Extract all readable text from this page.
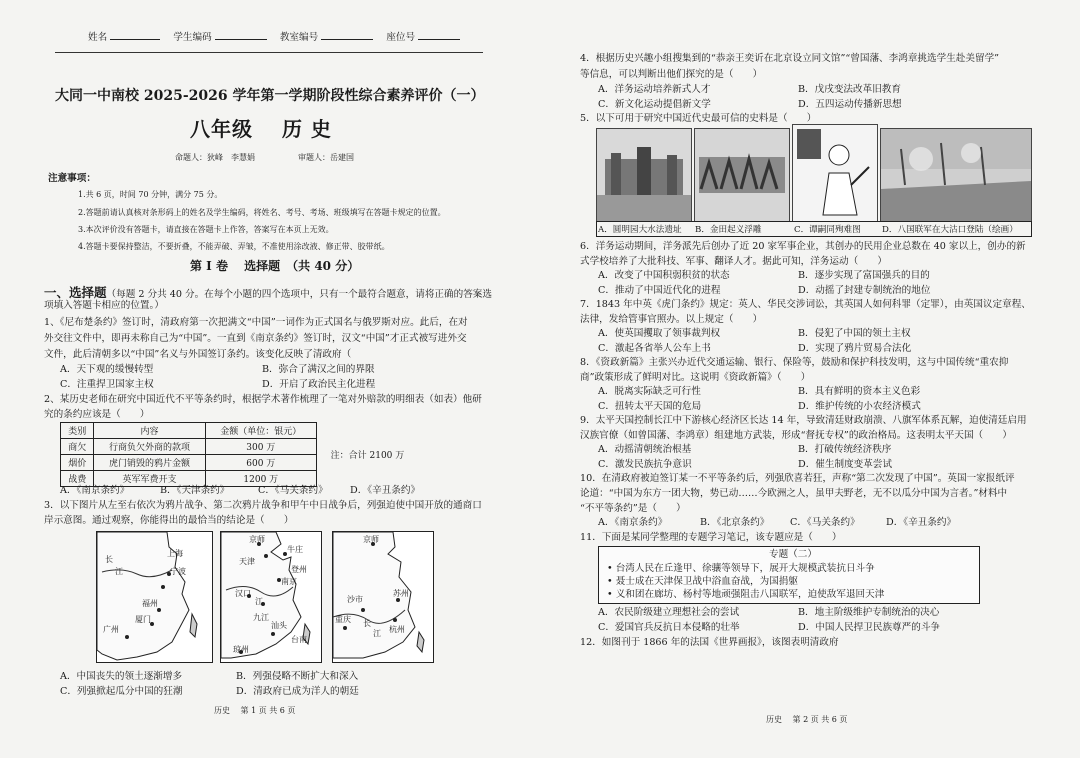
姓名	学生编码	教室编号	座位号
大同一中南校 2025-2026 学年第一学期阶段性综合素养评价（一）
八年级　 历 史
命题人：狄峰　李慧娟	审题人：岳建国
注意事项：
1.共 6 页，时间 70 分钟，满分 75 分。
2.答题前请认真核对条形码上的姓名及学生编码，将姓名、考号、考场、班级填写在答题卡规定的位置。
3.本次评价没有答题卡，请直接在答题卡上作答，答案写在本页上无效。
4.答题卡要保持整洁，不要折叠，不能弄破、弄皱，不准使用涂改液、修正带、胶带纸。
第 I 卷　 选择题　（共 40 分）
一、选择题（每题 2 分共 40 分。在每个小题的四个选项中，只有一个最符合题意，请将正确的答案选
项填入答题卡相应的位置。）
1、《尼布楚条约》签订时，清政府第一次把满文“中国”一词作为正式国名与俄罗斯对应。此后，在对
外交往文件中，即再未称自己为“中国”。一直到《南京条约》签订时，汉文“中国”才正式被写进外交
文件，此后清朝多以“中国”名义与外国签订条约。该变化反映了清政府（
A．天下观的缓慢转型	B．弥合了满汉之间的界限
C．注重捍卫国家主权	D．开启了政治民主化进程
2、某历史老师在研究中国近代不平等条约时，根据学术著作梳理了一笔对外赔款的明细表（如表）他研
究的条约应该是（　　）
类别	内容	金额（单位：银元）	注：合计 2100 万
商欠	行商负欠外商的款项	300 万	
烟价	虎门销毁的鸦片金额	600 万	
战费	英军军费开支	1200 万	
A．《南京条约》	B．《天津条约》	C．《马关条约》 D．《辛丑条约》
3．以下图片从左至右依次为鸦片战争、第二次鸦片战争和甲午中日战争后，列强迫使中国开放的通商口
岸示意图。通过观察，你能得出的最恰当的结论是（　　）
长
江
上海
宁波
福州
厦门
广州
京师
天津
牛庄
登州
台南
南京
汉口
九江
汕头
琼州
江
京师
苏州
沙市
重庆 长
江 杭州
A．中国丧失的领土逐渐增多	B．列强侵略不断扩大和深入
C．列强掀起瓜分中国的狂潮	D．清政府已成为洋人的朝廷
历史　 第 1 页 共 6 页
4．根据历史兴趣小组搜集到的“恭亲王奕䜣在北京设立同文馆”“曾国藩、李鸿章挑选学生赴美留学”
等信息，可以判断出他们探究的是（　　）
A．洋务运动培养新式人才	B．戊戌变法改革旧教育
C．新文化运动提倡新文学	D．五四运动传播新思想
5．以下可用于研究中国近代史最可信的史料是（　　）
A．圆明园大水法遗址 B．金田起义浮雕	C．谭嗣同殉难图 D．八国联军在大沽口登陆（绘画）
6．洋务运动期间，洋务派先后创办了近 20 家军事企业，其创办的民用企业总数在 40 家以上，创办的新
式学校培养了大批科技、军事、翻译人才。据此可知，洋务运动（　　）
A．改变了中国积弱积贫的状态	B．逐步实现了富国强兵的目的
C．推动了中国近代化的进程	D．动摇了封建专制统治的地位
7．1843 年中英《虎门条约》规定：英人、华民交涉词讼，其英国人如何科罪（定罪），由英国议定章程、
法律，发给管事官照办。以上规定（　　）
A．使英国攫取了领事裁判权	B．侵犯了中国的领土主权
C．激起各省举人公车上书	D．实现了鸦片贸易合法化
8．《资政新篇》主张兴办近代交通运输、银行、保险等，鼓励和保护科技发明，这与中国传统“重农抑
商”政策形成了鲜明对比。这说明《资政新篇》（　　）
A．脱离实际缺乏可行性	B．具有鲜明的资本主义色彩
C．扭转太平天国的危局	D．维护传统的小农经济模式
9．太平天国控制长江中下游核心经济区长达 14 年，导致清廷财政崩溃、八旗军体系瓦解，迫使清廷启用
汉族官僚（如曾国藩、李鸿章）组建地方武装，形成“督抚专权”的政治格局。这表明太平天国（　　）
A．动摇清朝统治根基	B．打破传统经济秩序
C．激发民族抗争意识	D．催生制度变革尝试
10．在清政府被迫签订某一不平等条约后，列强欣喜若狂，声称“第二次发现了中国”。英国一家报纸评
论道：“中国为东方一团大物，势已动……今欧洲之人，虽甲夫野老，无不以瓜分中国为言者。”材料中
“不平等条约”是（　　）
A．《南京条约》	B．《北京条约》 C．《马关条约》	D．《辛丑条约》
11．下面是某同学整理的专题学习笔记，该专题应是（　　）
专题（二）
• 台湾人民在丘逢甲、徐骧等领导下，展开大规模武装抗日斗争
• 聂士成在天津保卫战中浴血奋战，为国捐躯
• 义和团在廊坊、杨村等地顽强阻击八国联军，迫使敌军退回天津
A．农民阶级建立理想社会的尝试	B．地主阶级维护专制统治的决心
C．爱国官兵反抗日本侵略的壮举	D．中国人民捍卫民族尊严的斗争
12．如图刊于 1866 年的法国《世界画报》，该图表明清政府
历史　 第 2 页 共 6 页
